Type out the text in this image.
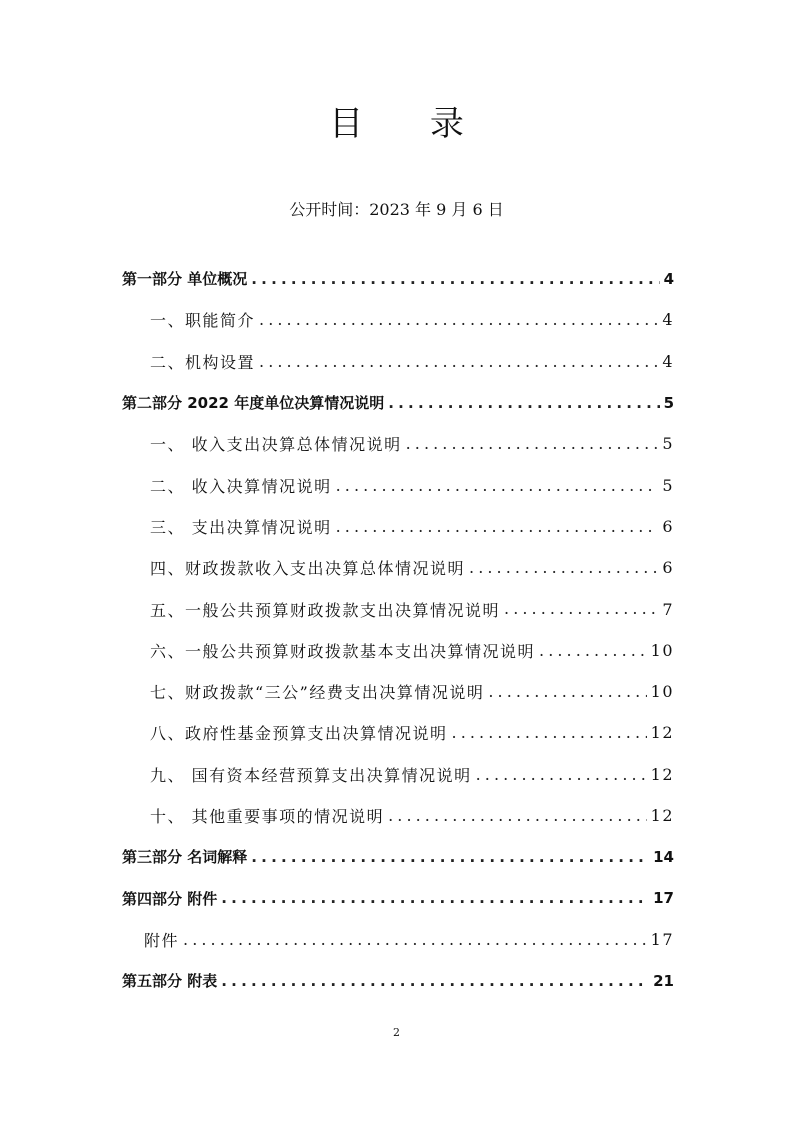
目 录

公开时间：2023 年 9 月 6 日

第一部分 单位概况 . . .	4
一、职能简介 . . .	4
二、机构设置 . . .	4
第二部分 2022 年度单位决算情况说明 . . .	5
一、 收入支出决算总体情况说明 . . .	5
二、 收入决算情况说明 . . .	5
三、 支出决算情况说明 . . .	6
四、财政拨款收入支出决算总体情况说明 . . .	6
五、一般公共预算财政拨款支出决算情况说明 . . .	7
六、一般公共预算财政拨款基本支出决算情况说明 . . .	10
七、财政拨款“三公”经费支出决算情况说明 . . .	10
八、政府性基金预算支出决算情况说明 . . .	12
九、 国有资本经营预算支出决算情况说明 . . .	12
十、 其他重要事项的情况说明 . . .	12
第三部分 名词解释 . . .	14
第四部分 附件 . . .	17
附件 . . .	17
第五部分 附表 . . .	21

2
